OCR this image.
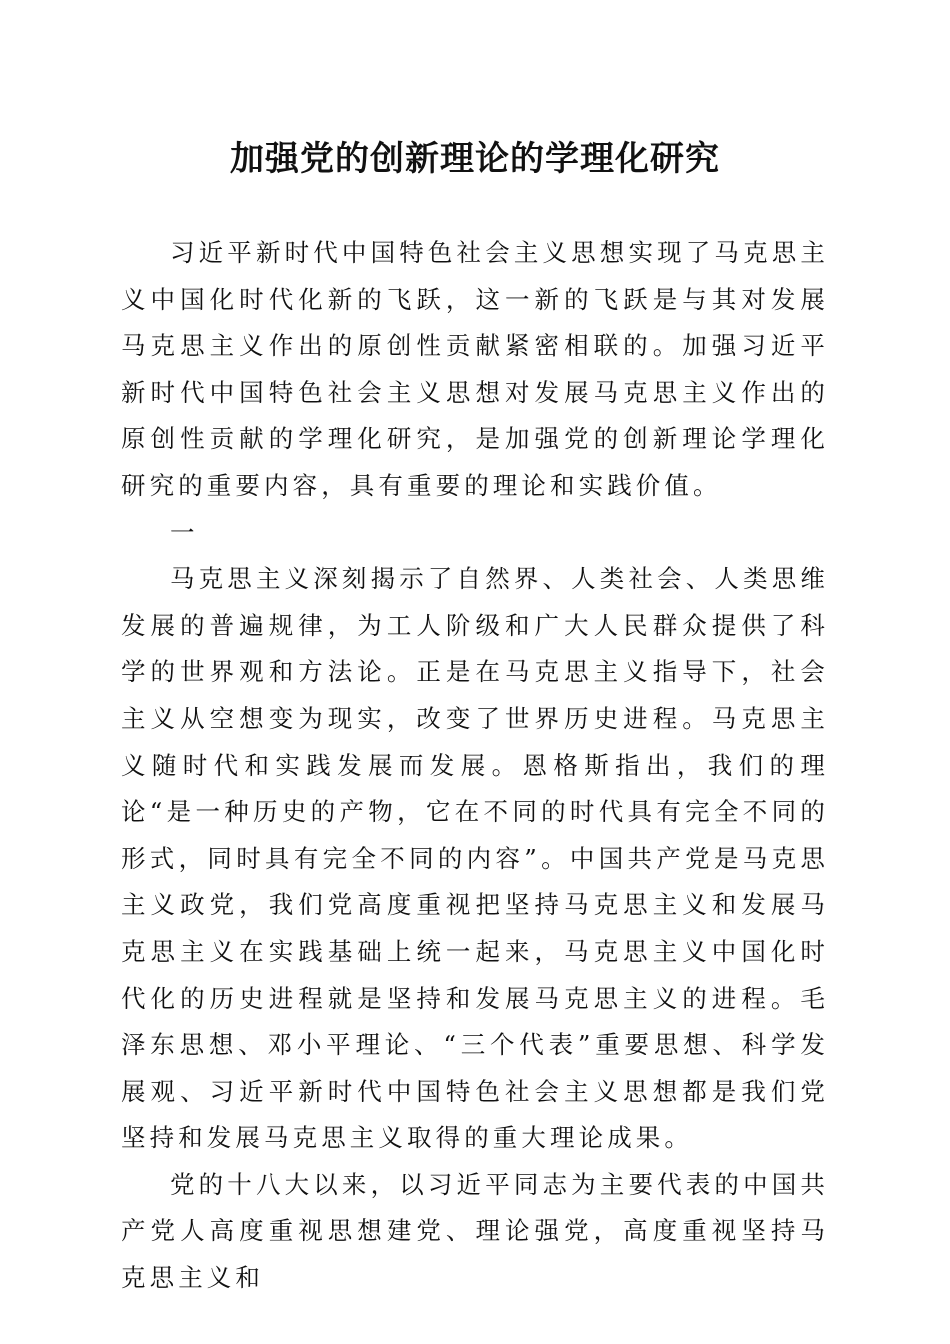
加强党的创新理论的学理化研究

习近平新时代中国特色社会主义思想实现了马克思主义中国化时代化新的飞跃，这一新的飞跃是与其对发展马克思主义作出的原创性贡献紧密相联的。加强习近平新时代中国特色社会主义思想对发展马克思主义作出的原创性贡献的学理化研究，是加强党的创新理论学理化研究的重要内容，具有重要的理论和实践价值。

一

马克思主义深刻揭示了自然界、人类社会、人类思维发展的普遍规律，为工人阶级和广大人民群众提供了科学的世界观和方法论。正是在马克思主义指导下，社会主义从空想变为现实，改变了世界历史进程。马克思主义随时代和实践发展而发展。恩格斯指出，我们的理论“是一种历史的产物，它在不同的时代具有完全不同的形式，同时具有完全不同的内容”。中国共产党是马克思主义政党，我们党高度重视把坚持马克思主义和发展马克思主义在实践基础上统一起来，马克思主义中国化时代化的历史进程就是坚持和发展马克思主义的进程。毛泽东思想、邓小平理论、“三个代表”重要思想、科学发展观、习近平新时代中国特色社会主义思想都是我们党坚持和发展马克思主义取得的重大理论成果。

党的十八大以来，以习近平同志为主要代表的中国共产党人高度重视思想建党、理论强党，高度重视坚持马克思主义和
